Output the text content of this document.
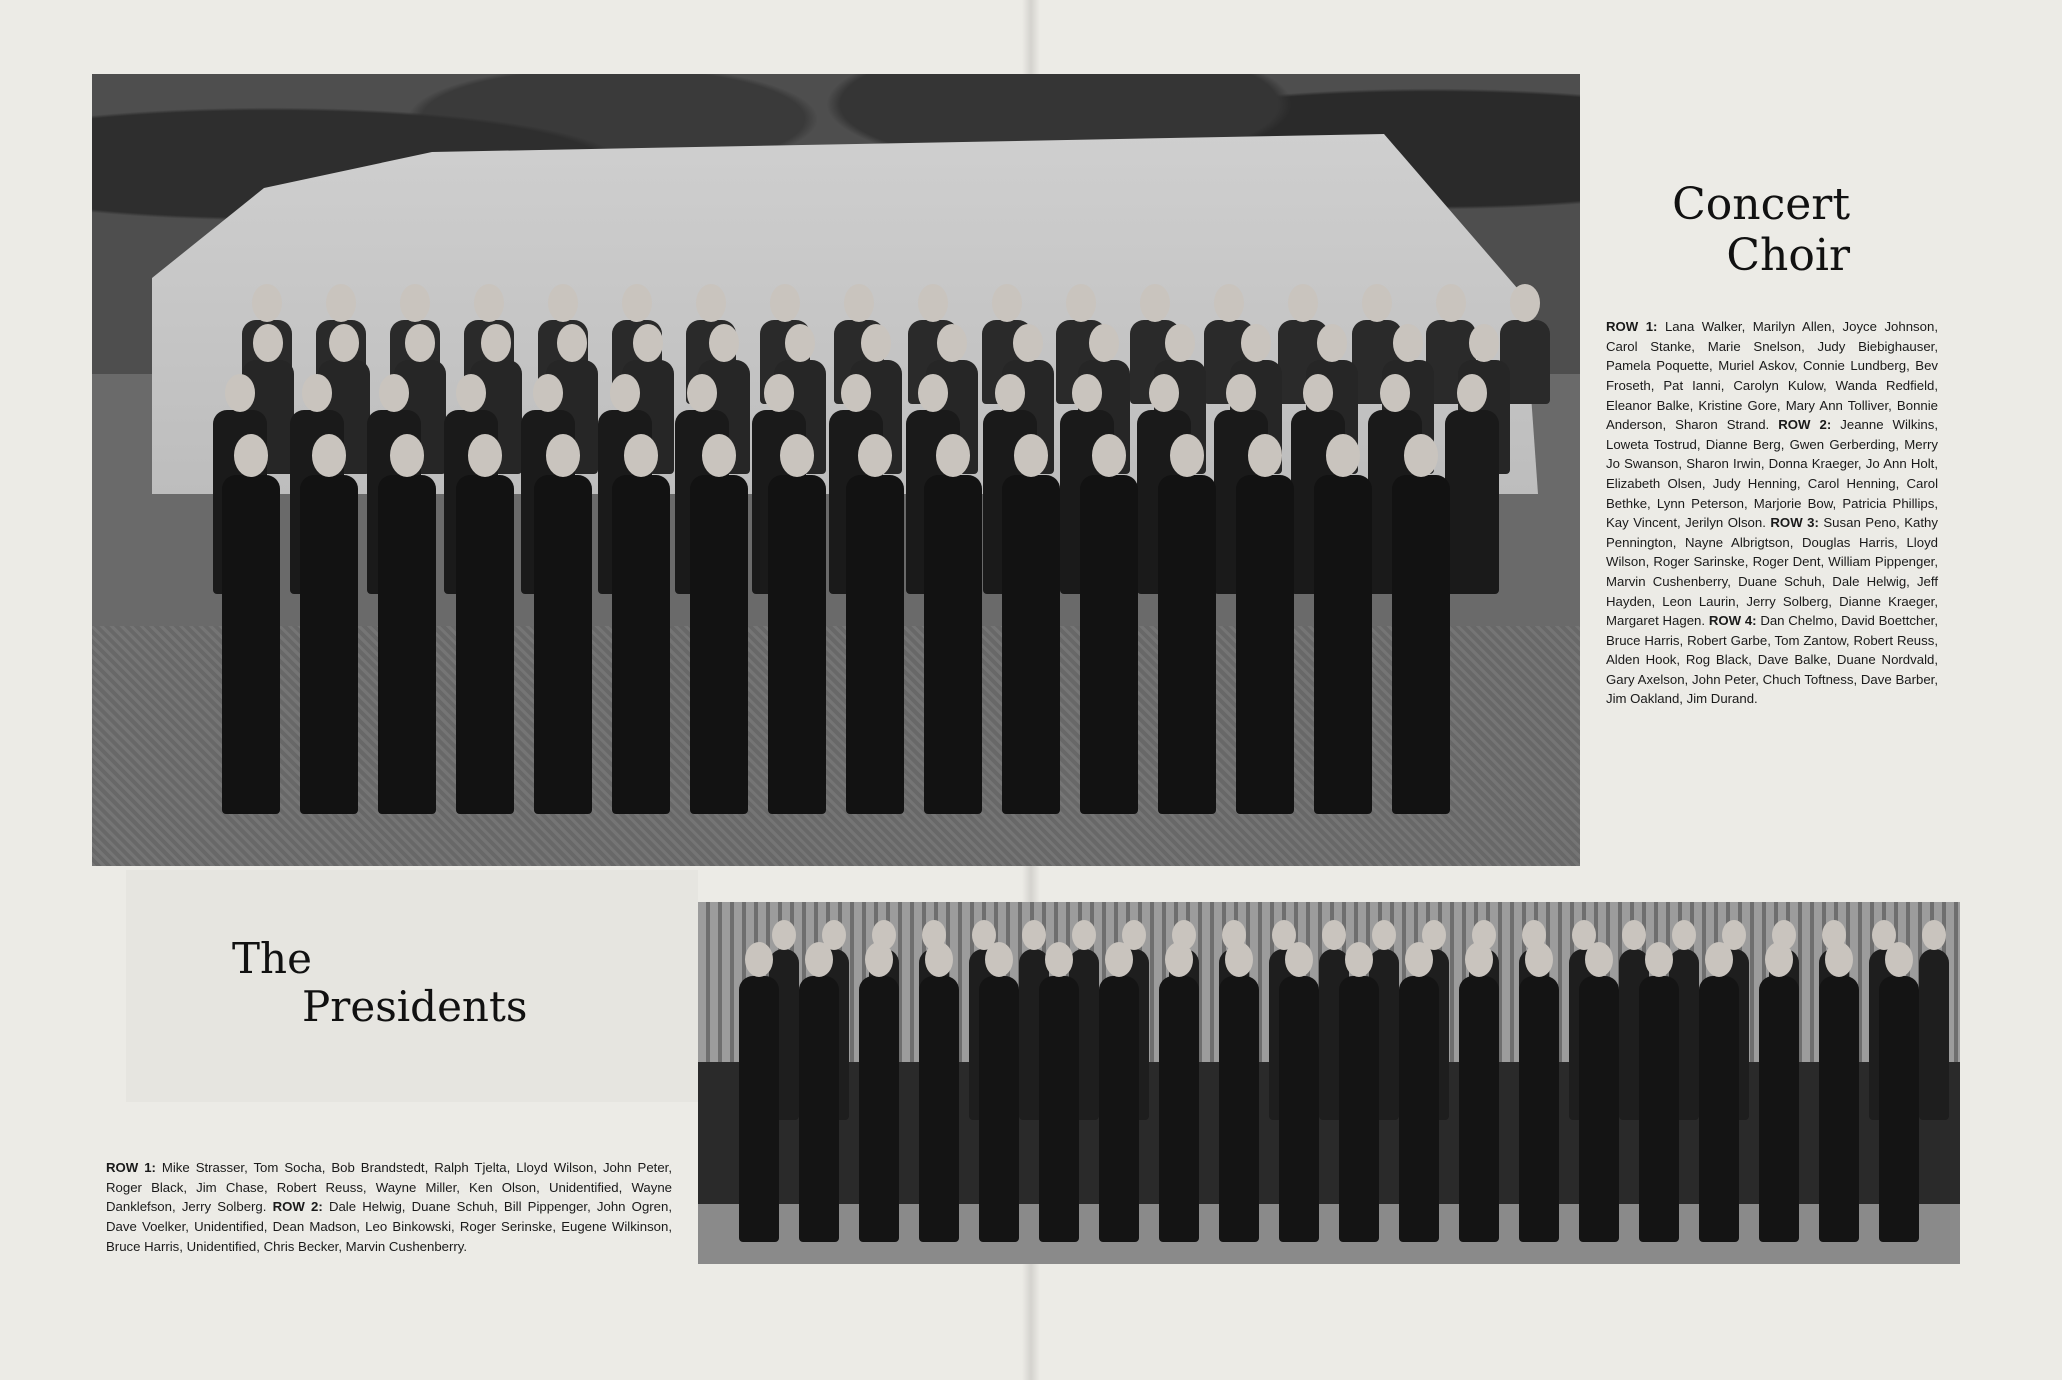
Concert
Choir

ROW 1: Lana Walker, Marilyn Allen, Joyce Johnson, Carol Stanke, Marie Snelson, Judy Biebighauser, Pamela Poquette, Muriel Askov, Connie Lundberg, Bev Froseth, Pat Ianni, Carolyn Kulow, Wanda Redfield, Eleanor Balke, Kristine Gore, Mary Ann Tolliver, Bonnie Anderson, Sharon Strand. ROW 2: Jeanne Wilkins, Loweta Tostrud, Dianne Berg, Gwen Gerberding, Merry Jo Swanson, Sharon Irwin, Donna Kraeger, Jo Ann Holt, Elizabeth Olsen, Judy Henning, Carol Henning, Carol Bethke, Lynn Peterson, Marjorie Bow, Patricia Phillips, Kay Vincent, Jerilyn Olson. ROW 3: Susan Peno, Kathy Pennington, Nayne Albrigtson, Douglas Harris, Lloyd Wilson, Roger Sarinske, Roger Dent, William Pippenger, Marvin Cushenberry, Duane Schuh, Dale Helwig, Jeff Hayden, Leon Laurin, Jerry Solberg, Dianne Kraeger, Margaret Hagen. ROW 4: Dan Chelmo, David Boettcher, Bruce Harris, Robert Garbe, Tom Zantow, Robert Reuss, Alden Hook, Rog Black, Dave Balke, Duane Nordvald, Gary Axelson, John Peter, Chuch Toftness, Dave Barber, Jim Oakland, Jim Durand.

The
Presidents

ROW 1: Mike Strasser, Tom Socha, Bob Brandstedt, Ralph Tjelta, Lloyd Wilson, John Peter, Roger Black, Jim Chase, Robert Reuss, Wayne Miller, Ken Olson, Unidentified, Wayne Danklefson, Jerry Solberg. ROW 2: Dale Helwig, Duane Schuh, Bill Pippenger, John Ogren, Dave Voelker, Unidentified, Dean Madson, Leo Binkowski, Roger Serinske, Eugene Wilkinson, Bruce Harris, Unidentified, Chris Becker, Marvin Cushenberry.
